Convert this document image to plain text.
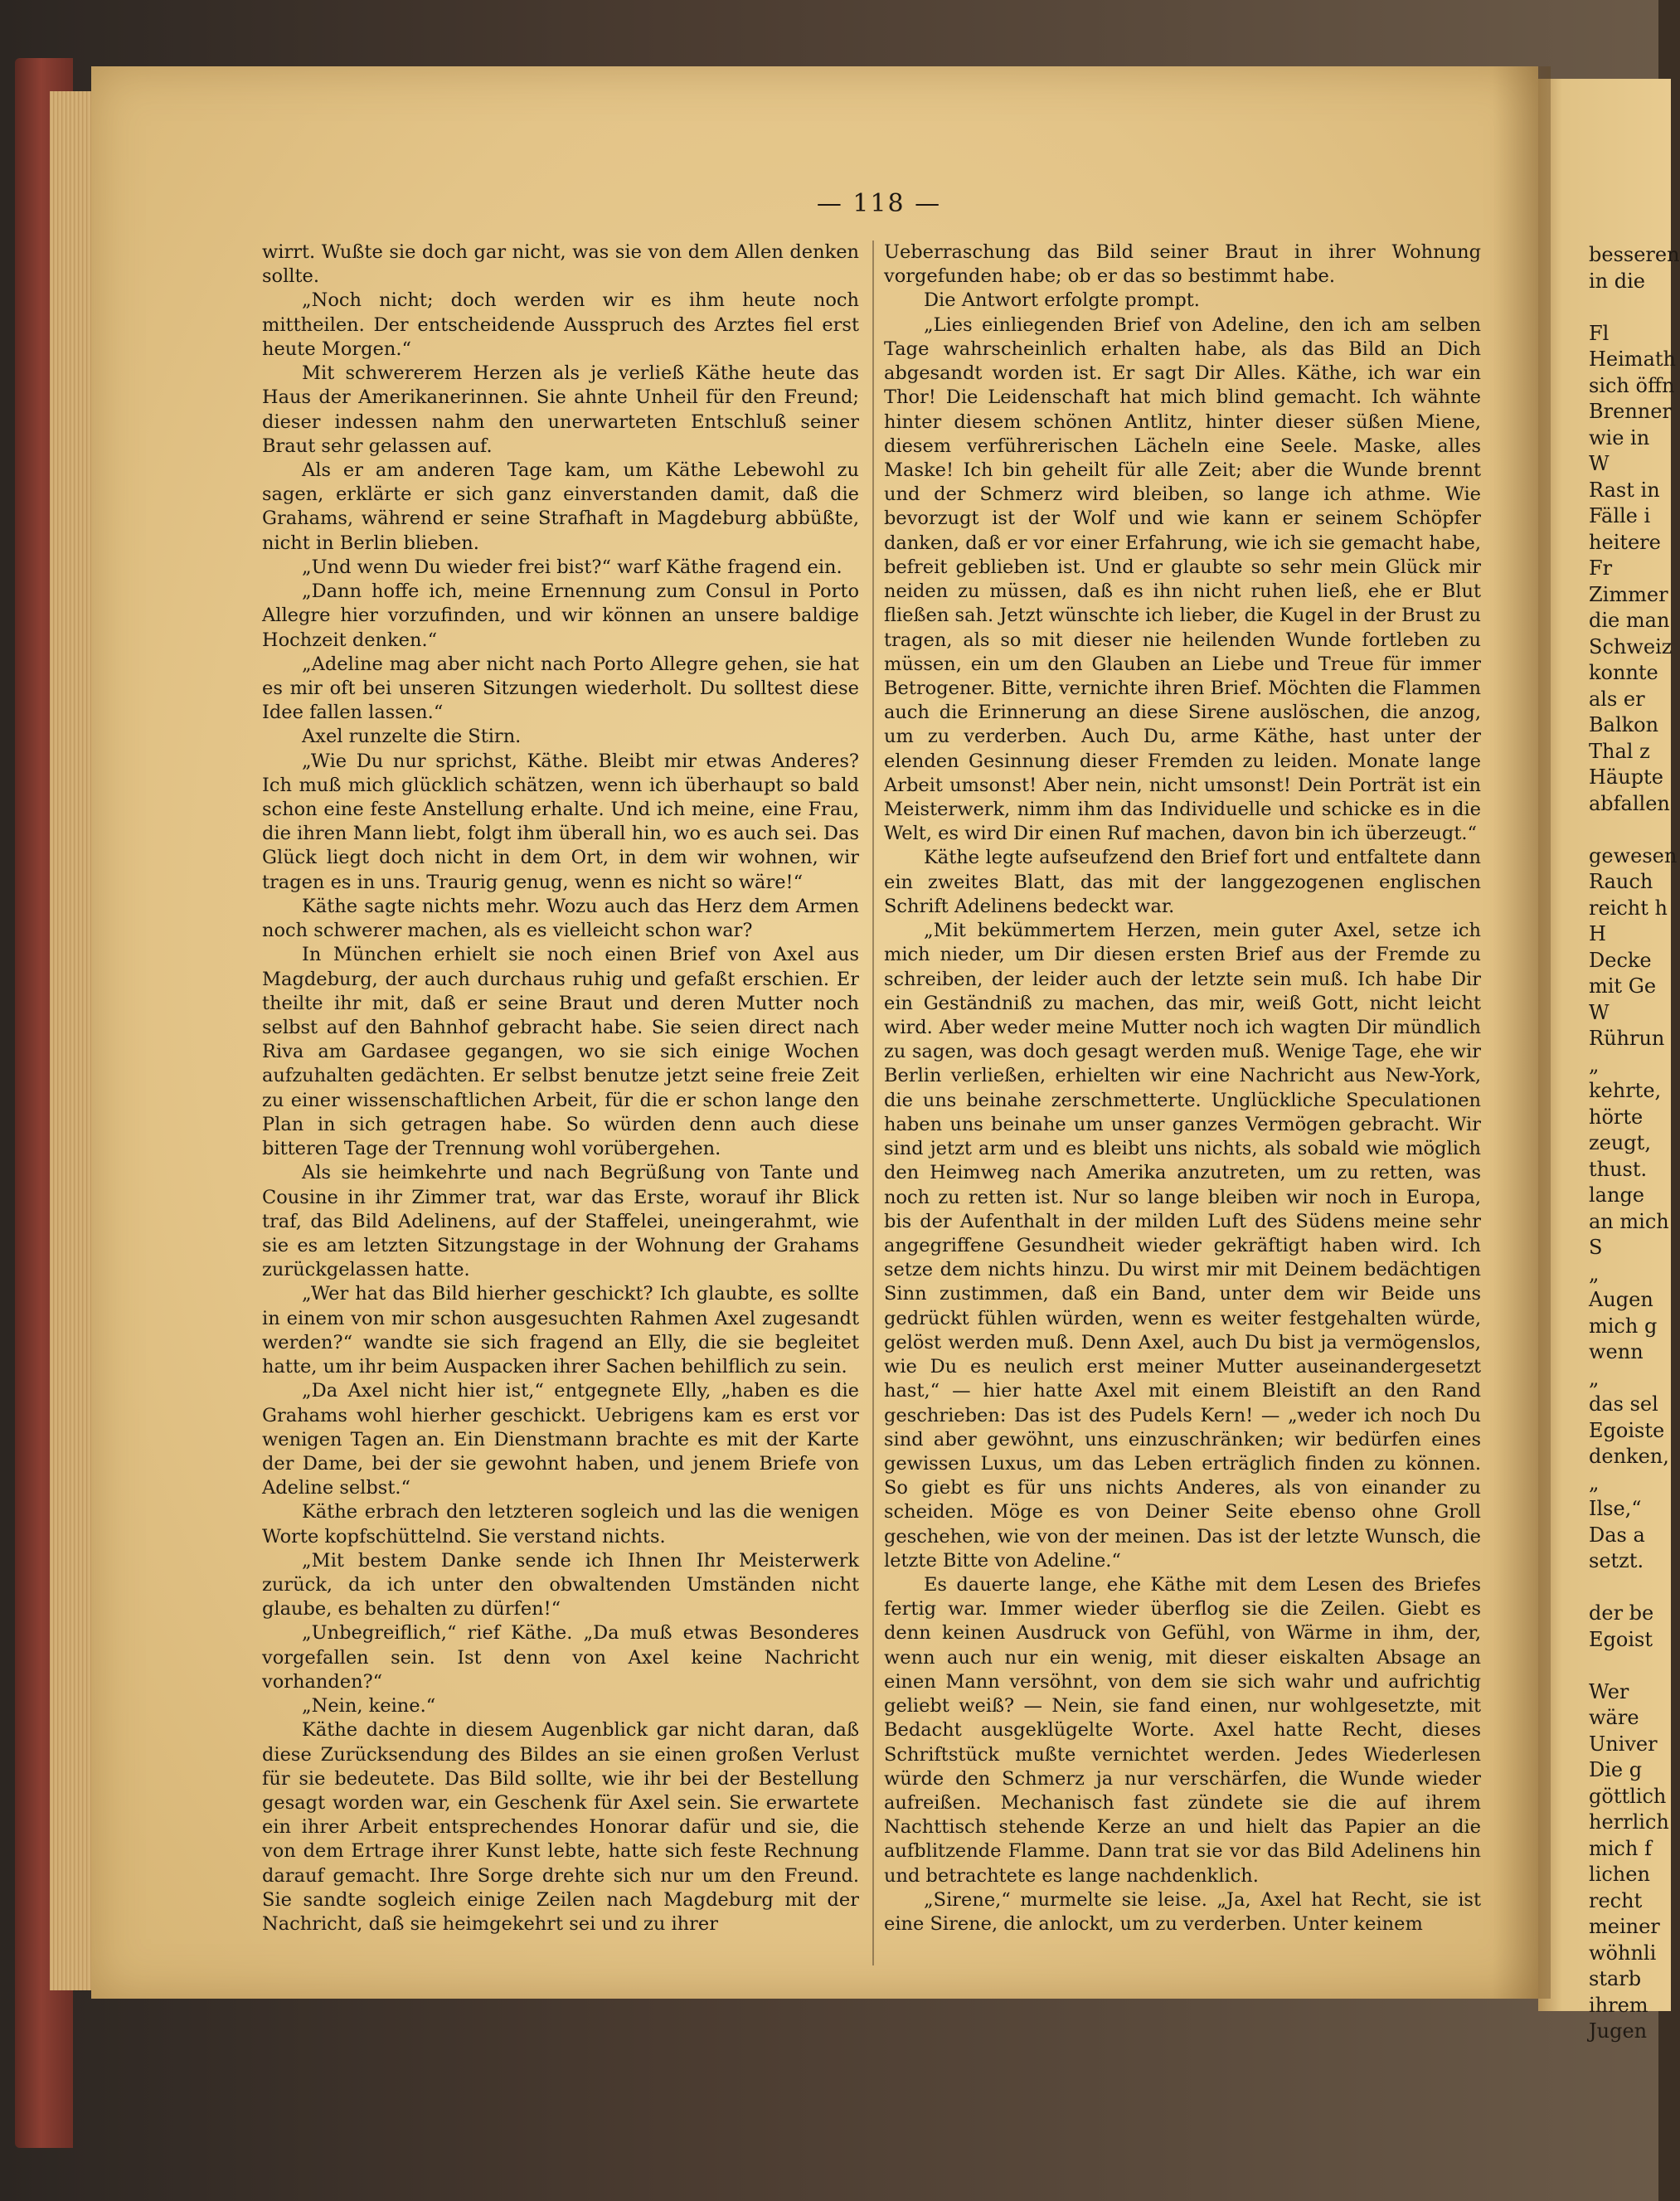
— 118 —

wirrt. Wußte sie doch gar nicht, was sie von dem Allen denken sollte.

„Noch nicht; doch werden wir es ihm heute noch mittheilen. Der entscheidende Ausspruch des Arztes fiel erst heute Morgen.“

Mit schwererem Herzen als je verließ Käthe heute das Haus der Amerikanerinnen. Sie ahnte Unheil für den Freund; dieser indessen nahm den unerwarteten Entschluß seiner Braut sehr gelassen auf.

Als er am anderen Tage kam, um Käthe Lebewohl zu sagen, erklärte er sich ganz einverstanden damit, daß die Grahams, während er seine Strafhaft in Magdeburg abbüßte, nicht in Berlin blieben.

„Und wenn Du wieder frei bist?“ warf Käthe fragend ein.

„Dann hoffe ich, meine Ernennung zum Consul in Porto Allegre hier vorzufinden, und wir können an unsere baldige Hochzeit denken.“

„Adeline mag aber nicht nach Porto Allegre gehen, sie hat es mir oft bei unseren Sitzungen wiederholt. Du solltest diese Idee fallen lassen.“

Axel runzelte die Stirn.

„Wie Du nur sprichst, Käthe. Bleibt mir etwas Anderes? Ich muß mich glücklich schätzen, wenn ich überhaupt so bald schon eine feste Anstellung erhalte. Und ich meine, eine Frau, die ihren Mann liebt, folgt ihm überall hin, wo es auch sei. Das Glück liegt doch nicht in dem Ort, in dem wir wohnen, wir tragen es in uns. Traurig genug, wenn es nicht so wäre!“

Käthe sagte nichts mehr. Wozu auch das Herz dem Armen noch schwerer machen, als es vielleicht schon war?

In München erhielt sie noch einen Brief von Axel aus Magdeburg, der auch durchaus ruhig und gefaßt erschien. Er theilte ihr mit, daß er seine Braut und deren Mutter noch selbst auf den Bahnhof gebracht habe. Sie seien direct nach Riva am Gardasee gegangen, wo sie sich einige Wochen aufzuhalten gedächten. Er selbst benutze jetzt seine freie Zeit zu einer wissenschaftlichen Arbeit, für die er schon lange den Plan in sich getragen habe. So würden denn auch diese bitteren Tage der Trennung wohl vorübergehen.

Als sie heimkehrte und nach Begrüßung von Tante und Cousine in ihr Zimmer trat, war das Erste, worauf ihr Blick traf, das Bild Adelinens, auf der Staffelei, uneingerahmt, wie sie es am letzten Sitzungstage in der Wohnung der Grahams zurückgelassen hatte.

„Wer hat das Bild hierher geschickt? Ich glaubte, es sollte in einem von mir schon ausgesuchten Rahmen Axel zugesandt werden?“ wandte sie sich fragend an Elly, die sie begleitet hatte, um ihr beim Auspacken ihrer Sachen behilflich zu sein.

„Da Axel nicht hier ist,“ entgegnete Elly, „haben es die Grahams wohl hierher geschickt. Uebrigens kam es erst vor wenigen Tagen an. Ein Dienstmann brachte es mit der Karte der Dame, bei der sie gewohnt haben, und jenem Briefe von Adeline selbst.“

Käthe erbrach den letzteren sogleich und las die wenigen Worte kopfschüttelnd. Sie verstand nichts.

„Mit bestem Danke sende ich Ihnen Ihr Meisterwerk zurück, da ich unter den obwaltenden Umständen nicht glaube, es behalten zu dürfen!“

„Unbegreiflich,“ rief Käthe. „Da muß etwas Besonderes vorgefallen sein. Ist denn von Axel keine Nachricht vorhanden?“

„Nein, keine.“

Käthe dachte in diesem Augenblick gar nicht daran, daß diese Zurücksendung des Bildes an sie einen großen Verlust für sie bedeutete. Das Bild sollte, wie ihr bei der Bestellung gesagt worden war, ein Geschenk für Axel sein. Sie erwartete ein ihrer Arbeit entsprechendes Honorar dafür und sie, die von dem Ertrage ihrer Kunst lebte, hatte sich feste Rechnung darauf gemacht. Ihre Sorge drehte sich nur um den Freund. Sie sandte sogleich einige Zeilen nach Magdeburg mit der Nachricht, daß sie heimgekehrt sei und zu ihrer

Ueberraschung das Bild seiner Braut in ihrer Wohnung vorgefunden habe; ob er das so bestimmt habe.

Die Antwort erfolgte prompt.

„Lies einliegenden Brief von Adeline, den ich am selben Tage wahrscheinlich erhalten habe, als das Bild an Dich abgesandt worden ist. Er sagt Dir Alles. Käthe, ich war ein Thor! Die Leidenschaft hat mich blind gemacht. Ich wähnte hinter diesem schönen Antlitz, hinter dieser süßen Miene, diesem verführerischen Lächeln eine Seele. Maske, alles Maske! Ich bin geheilt für alle Zeit; aber die Wunde brennt und der Schmerz wird bleiben, so lange ich athme. Wie bevorzugt ist der Wolf und wie kann er seinem Schöpfer danken, daß er vor einer Erfahrung, wie ich sie gemacht habe, befreit geblieben ist. Und er glaubte so sehr mein Glück mir neiden zu müssen, daß es ihn nicht ruhen ließ, ehe er Blut fließen sah. Jetzt wünschte ich lieber, die Kugel in der Brust zu tragen, als so mit dieser nie heilenden Wunde fortleben zu müssen, ein um den Glauben an Liebe und Treue für immer Betrogener. Bitte, vernichte ihren Brief. Möchten die Flammen auch die Erinnerung an diese Sirene auslöschen, die anzog, um zu verderben. Auch Du, arme Käthe, hast unter der elenden Gesinnung dieser Fremden zu leiden. Monate lange Arbeit umsonst! Aber nein, nicht umsonst! Dein Porträt ist ein Meisterwerk, nimm ihm das Individuelle und schicke es in die Welt, es wird Dir einen Ruf machen, davon bin ich überzeugt.“

Käthe legte aufseufzend den Brief fort und entfaltete dann ein zweites Blatt, das mit der langgezogenen englischen Schrift Adelinens bedeckt war.

„Mit bekümmertem Herzen, mein guter Axel, setze ich mich nieder, um Dir diesen ersten Brief aus der Fremde zu schreiben, der leider auch der letzte sein muß. Ich habe Dir ein Geständniß zu machen, das mir, weiß Gott, nicht leicht wird. Aber weder meine Mutter noch ich wagten Dir mündlich zu sagen, was doch gesagt werden muß. Wenige Tage, ehe wir Berlin verließen, erhielten wir eine Nachricht aus New-York, die uns beinahe zerschmetterte. Unglückliche Speculationen haben uns beinahe um unser ganzes Vermögen gebracht. Wir sind jetzt arm und es bleibt uns nichts, als sobald wie möglich den Heimweg nach Amerika anzutreten, um zu retten, was noch zu retten ist. Nur so lange bleiben wir noch in Europa, bis der Aufenthalt in der milden Luft des Südens meine sehr angegriffene Gesundheit wieder gekräftigt haben wird. Ich setze dem nichts hinzu. Du wirst mir mit Deinem bedächtigen Sinn zustimmen, daß ein Band, unter dem wir Beide uns gedrückt fühlen würden, wenn es weiter festgehalten würde, gelöst werden muß. Denn Axel, auch Du bist ja vermögenslos, wie Du es neulich erst meiner Mutter auseinandergesetzt hast,“ — hier hatte Axel mit einem Bleistift an den Rand geschrieben: Das ist des Pudels Kern! — „weder ich noch Du sind aber gewöhnt, uns einzuschränken; wir bedürfen eines gewissen Luxus, um das Leben erträglich finden zu können. So giebt es für uns nichts Anderes, als von einander zu scheiden. Möge es von Deiner Seite ebenso ohne Groll geschehen, wie von der meinen. Das ist der letzte Wunsch, die letzte Bitte von Adeline.“

Es dauerte lange, ehe Käthe mit dem Lesen des Briefes fertig war. Immer wieder überflog sie die Zeilen. Giebt es denn keinen Ausdruck von Gefühl, von Wärme in ihm, der, wenn auch nur ein wenig, mit dieser eiskalten Absage an einen Mann versöhnt, von dem sie sich wahr und aufrichtig geliebt weiß? — Nein, sie fand einen, nur wohlgesetzte, mit Bedacht ausgeklügelte Worte. Axel hatte Recht, dieses Schriftstück mußte vernichtet werden. Jedes Wiederlesen würde den Schmerz ja nur verschärfen, die Wunde wieder aufreißen. Mechanisch fast zündete sie die auf ihrem Nachttisch stehende Kerze an und hielt das Papier an die aufblitzende Flamme. Dann trat sie vor das Bild Adelinens hin und betrachtete es lange nachdenklich.

„Sirene,“ murmelte sie leise. „Ja, Axel hat Recht, sie ist eine Sirene, die anlockt, um zu verderben. Unter keinem

besseren
in die
Fl
Heimath
sich öffn
Brenner
wie in
W
Rast in
Fälle i
heitere
Fr
Zimmer
die man
Schweiz
konnte
als er
Balkon
Thal z
Häupte
abfallen
gewesen
Rauch
reicht h
H
Decke
mit Ge
W
Rührun
„
kehrte,
hörte
zeugt,
thust.
lange
an mich
S
„
Augen
mich g
wenn
„
das sel
Egoiste
denken,
„
Ilse,“
Das a
setzt.
der be
Egoist
Wer
wäre
Univer
Die g
göttlich
herrlich
mich f
lichen
recht
meiner
wöhnli
starb
ihrem
Jugen
